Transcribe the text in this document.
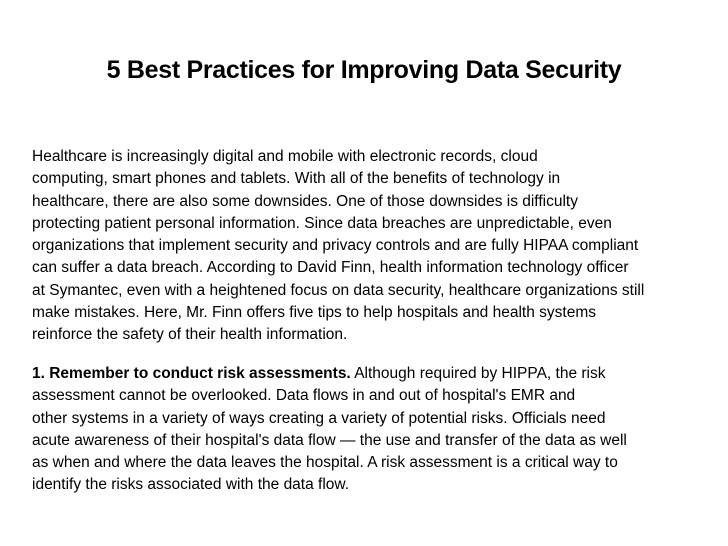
5 Best Practices for Improving Data Security
Healthcare is increasingly digital and mobile with electronic records, cloud
computing, smart phones and tablets. With all of the benefits of technology in
healthcare, there are also some downsides. One of those downsides is difficulty
protecting patient personal information. Since data breaches are unpredictable, even
organizations that implement security and privacy controls and are fully HIPAA compliant
can suffer a data breach. According to David Finn, health information technology officer
at Symantec, even with a heightened focus on data security, healthcare organizations still
make mistakes. Here, Mr. Finn offers five tips to help hospitals and health systems
reinforce the safety of their health information.
1. Remember to conduct risk assessments. Although required by HIPPA, the risk
assessment cannot be overlooked. Data flows in and out of hospital's EMR and
other systems in a variety of ways creating a variety of potential risks. Officials need
acute awareness of their hospital's data flow — the use and transfer of the data as well
as when and where the data leaves the hospital. A risk assessment is a critical way to
identify the risks associated with the data flow.
